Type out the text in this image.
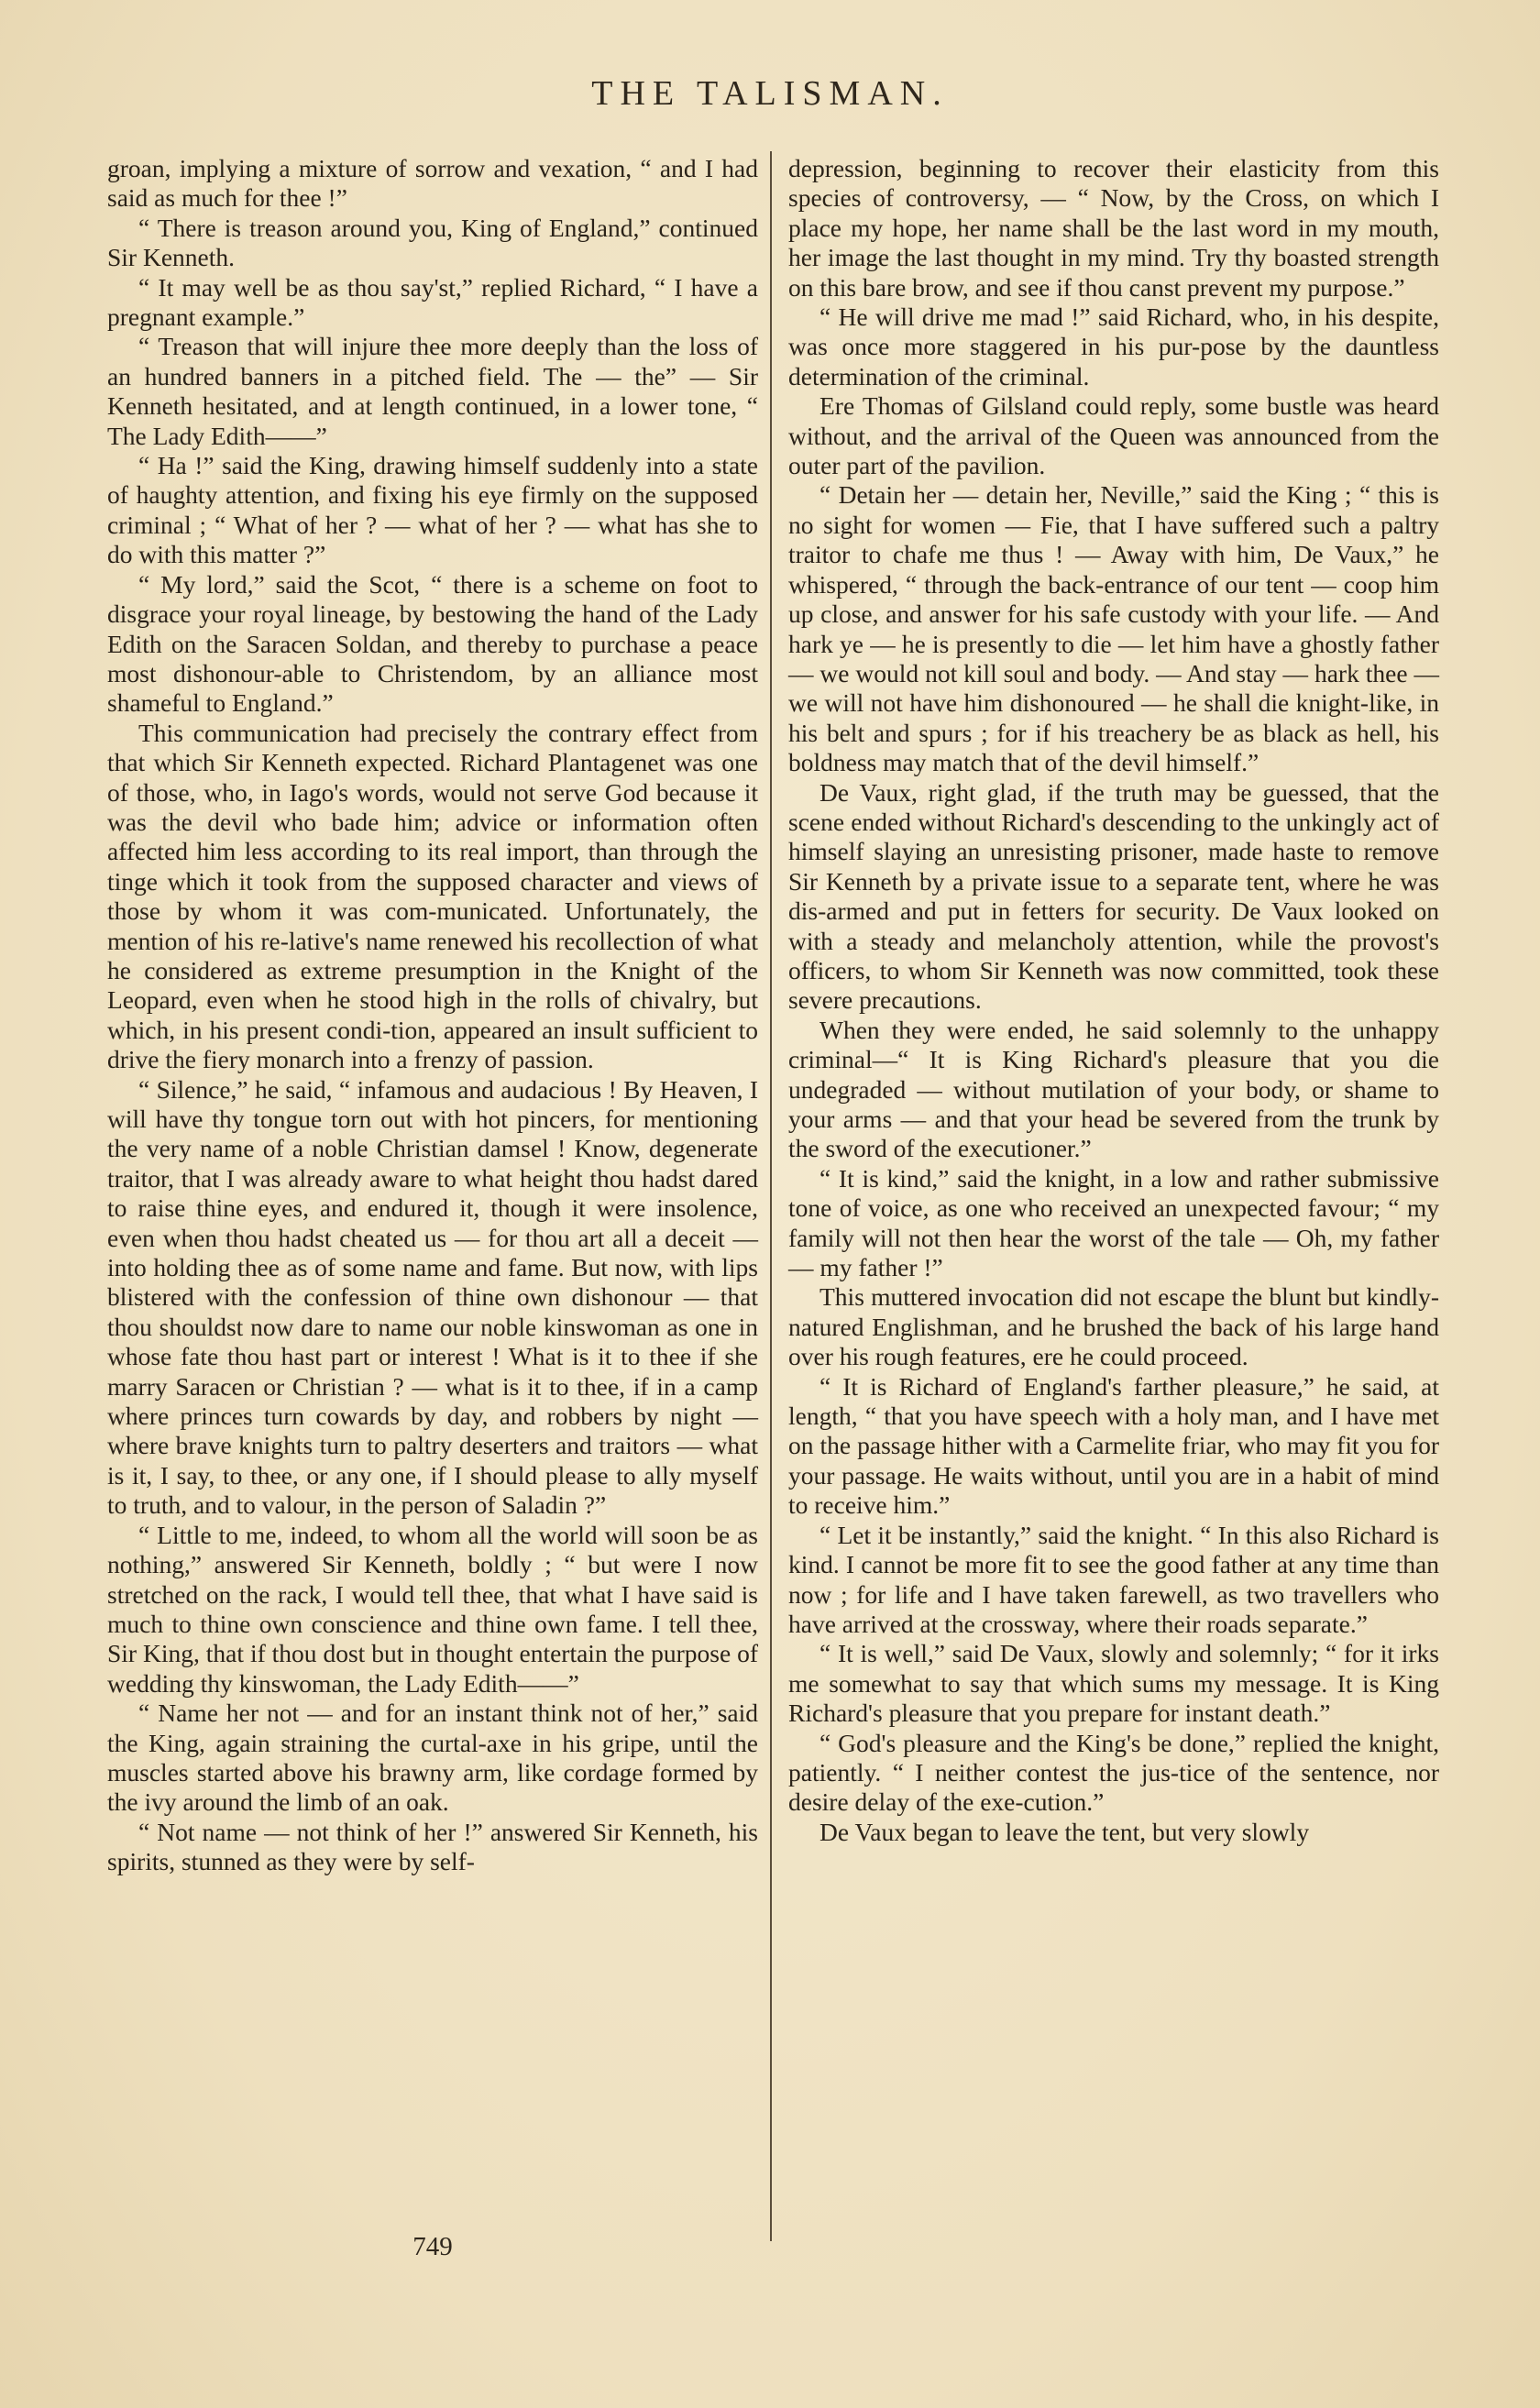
THE TALISMAN.

groan, implying a mixture of sorrow and vexation, “ and I had said as much for thee !”

“ There is treason around you, King of England,” continued Sir Kenneth.

“ It may well be as thou say'st,” replied Richard, “ I have a pregnant example.”

“ Treason that will injure thee more deeply than the loss of an hundred banners in a pitched field. The — the” — Sir Kenneth hesitated, and at length continued, in a lower tone, “ The Lady Edith——”

“ Ha !” said the King, drawing himself suddenly into a state of haughty attention, and fixing his eye firmly on the supposed criminal ; “ What of her ? — what of her ? — what has she to do with this matter ?”

“ My lord,” said the Scot, “ there is a scheme on foot to disgrace your royal lineage, by bestowing the hand of the Lady Edith on the Saracen Soldan, and thereby to purchase a peace most dishonour-able to Christendom, by an alliance most shameful to England.”

This communication had precisely the contrary effect from that which Sir Kenneth expected. Richard Plantagenet was one of those, who, in Iago's words, would not serve God because it was the devil who bade him; advice or information often affected him less according to its real import, than through the tinge which it took from the supposed character and views of those by whom it was com-municated. Unfortunately, the mention of his re-lative's name renewed his recollection of what he considered as extreme presumption in the Knight of the Leopard, even when he stood high in the rolls of chivalry, but which, in his present condi-tion, appeared an insult sufficient to drive the fiery monarch into a frenzy of passion.

“ Silence,” he said, “ infamous and audacious ! By Heaven, I will have thy tongue torn out with hot pincers, for mentioning the very name of a noble Christian damsel ! Know, degenerate traitor, that I was already aware to what height thou hadst dared to raise thine eyes, and endured it, though it were insolence, even when thou hadst cheated us — for thou art all a deceit — into holding thee as of some name and fame. But now, with lips blistered with the confession of thine own dishonour — that thou shouldst now dare to name our noble kinswoman as one in whose fate thou hast part or interest ! What is it to thee if she marry Saracen or Christian ? — what is it to thee, if in a camp where princes turn cowards by day, and robbers by night — where brave knights turn to paltry deserters and traitors — what is it, I say, to thee, or any one, if I should please to ally myself to truth, and to valour, in the person of Saladin ?”

“ Little to me, indeed, to whom all the world will soon be as nothing,” answered Sir Kenneth, boldly ; “ but were I now stretched on the rack, I would tell thee, that what I have said is much to thine own conscience and thine own fame. I tell thee, Sir King, that if thou dost but in thought entertain the purpose of wedding thy kinswoman, the Lady Edith——”

“ Name her not — and for an instant think not of her,” said the King, again straining the curtal-axe in his gripe, until the muscles started above his brawny arm, like cordage formed by the ivy around the limb of an oak.

“ Not name — not think of her !” answered Sir Kenneth, his spirits, stunned as they were by self-

depression, beginning to recover their elasticity from this species of controversy, — “ Now, by the Cross, on which I place my hope, her name shall be the last word in my mouth, her image the last thought in my mind. Try thy boasted strength on this bare brow, and see if thou canst prevent my purpose.”

“ He will drive me mad !” said Richard, who, in his despite, was once more staggered in his pur-pose by the dauntless determination of the criminal.

Ere Thomas of Gilsland could reply, some bustle was heard without, and the arrival of the Queen was announced from the outer part of the pavilion.

“ Detain her — detain her, Neville,” said the King ; “ this is no sight for women — Fie, that I have suffered such a paltry traitor to chafe me thus ! — Away with him, De Vaux,” he whispered, “ through the back-entrance of our tent — coop him up close, and answer for his safe custody with your life. — And hark ye — he is presently to die — let him have a ghostly father — we would not kill soul and body. — And stay — hark thee — we will not have him dishonoured — he shall die knight-like, in his belt and spurs ; for if his treachery be as black as hell, his boldness may match that of the devil himself.”

De Vaux, right glad, if the truth may be guessed, that the scene ended without Richard's descending to the unkingly act of himself slaying an unresisting prisoner, made haste to remove Sir Kenneth by a private issue to a separate tent, where he was dis-armed and put in fetters for security. De Vaux looked on with a steady and melancholy attention, while the provost's officers, to whom Sir Kenneth was now committed, took these severe precautions.

When they were ended, he said solemnly to the unhappy criminal—“ It is King Richard's pleasure that you die undegraded — without mutilation of your body, or shame to your arms — and that your head be severed from the trunk by the sword of the executioner.”

“ It is kind,” said the knight, in a low and rather submissive tone of voice, as one who received an unexpected favour; “ my family will not then hear the worst of the tale — Oh, my father — my father !”

This muttered invocation did not escape the blunt but kindly-natured Englishman, and he brushed the back of his large hand over his rough features, ere he could proceed.

“ It is Richard of England's farther pleasure,” he said, at length, “ that you have speech with a holy man, and I have met on the passage hither with a Carmelite friar, who may fit you for your passage. He waits without, until you are in a habit of mind to receive him.”

“ Let it be instantly,” said the knight. “ In this also Richard is kind. I cannot be more fit to see the good father at any time than now ; for life and I have taken farewell, as two travellers who have arrived at the crossway, where their roads separate.”

“ It is well,” said De Vaux, slowly and solemnly; “ for it irks me somewhat to say that which sums my message. It is King Richard's pleasure that you prepare for instant death.”

“ God's pleasure and the King's be done,” replied the knight, patiently. “ I neither contest the jus-tice of the sentence, nor desire delay of the exe-cution.”

De Vaux began to leave the tent, but very slowly

749
